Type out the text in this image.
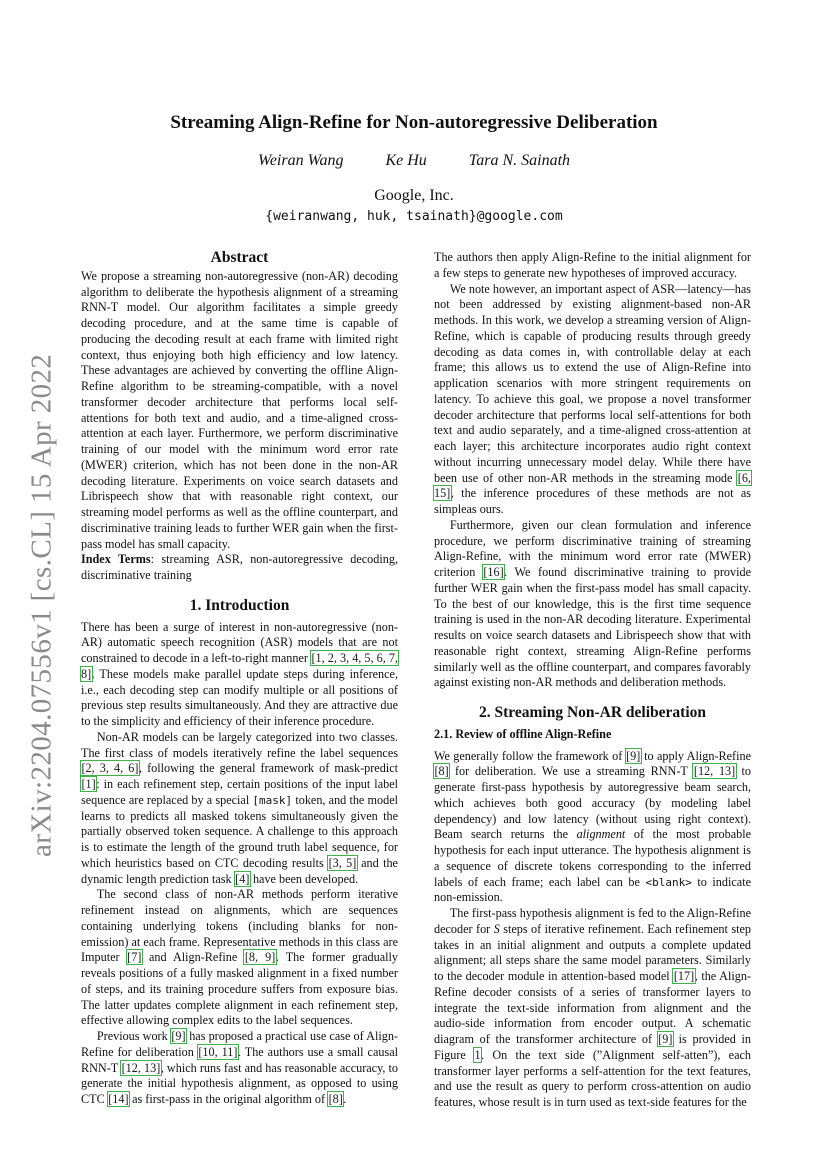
arXiv:2204.07556v1 [cs.CL] 15 Apr 2022
Streaming Align-Refine for Non-autoregressive Deliberation
Weiran Wang	Ke Hu	Tara N. Sainath
Google, Inc.
{weiranwang, huk, tsainath}@google.com
Abstract

We propose a streaming non-autoregressive (non-AR) decoding algorithm to deliberate the hypothesis alignment of a streaming RNN-T model. Our algorithm facilitates a simple greedy decoding procedure, and at the same time is capable of producing the decoding result at each frame with limited right context, thus enjoying both high efficiency and low latency. These advantages are achieved by converting the offline Align-Refine algorithm to be streaming-compatible, with a novel transformer decoder architecture that performs local self-attentions for both text and audio, and a time-aligned cross-attention at each layer. Furthermore, we perform discriminative training of our model with the minimum word error rate (MWER) criterion, which has not been done in the non-AR decoding literature. Experiments on voice search datasets and Librispeech show that with reasonable right context, our streaming model performs as well as the offline counterpart, and discriminative training leads to further WER gain when the first-pass model has small capacity.
Index Terms: streaming ASR, non-autoregressive decoding, discriminative training

1. Introduction

There has been a surge of interest in non-autoregressive (non-AR) automatic speech recognition (ASR) models that are not constrained to decode in a left-to-right manner [1, 2, 3, 4, 5, 6, 7, 8]. These models make parallel update steps during inference, i.e., each decoding step can modify multiple or all positions of previous step results simultaneously. And they are attractive due to the simplicity and efficiency of their inference procedure.

Non-AR models can be largely categorized into two classes. The first class of models iteratively refine the label sequences [2, 3, 4, 6], following the general framework of mask-predict [1]: in each refinement step, certain positions of the input label sequence are replaced by a special [mask] token, and the model learns to predicts all masked tokens simultaneously given the partially observed token sequence. A challenge to this approach is to estimate the length of the ground truth label sequence, for which heuristics based on CTC decoding results [3, 5] and the dynamic length prediction task [4] have been developed.

The second class of non-AR methods perform iterative refinement instead on alignments, which are sequences containing underlying tokens (including blanks for non-emission) at each frame. Representative methods in this class are Imputer [7] and Align-Refine [8, 9]. The former gradually reveals positions of a fully masked alignment in a fixed number of steps, and its training procedure suffers from exposure bias. The latter updates complete alignment in each refinement step, effective allowing complex edits to the label sequences.

Previous work [9] has proposed a practical use case of Align-Refine for deliberation [10, 11]. The authors use a small causal RNN-T [12, 13], which runs fast and has reasonable accuracy, to generate the initial hypothesis alignment, as opposed to using CTC [14] as first-pass in the original algorithm of [8].

The authors then apply Align-Refine to the initial alignment for a few steps to generate new hypotheses of improved accuracy.

We note however, an important aspect of ASR—latency—has not been addressed by existing alignment-based non-AR methods. In this work, we develop a streaming version of Align-Refine, which is capable of producing results through greedy decoding as data comes in, with controllable delay at each frame; this allows us to extend the use of Align-Refine into application scenarios with more stringent requirements on latency. To achieve this goal, we propose a novel transformer decoder architecture that performs local self-attentions for both text and audio separately, and a time-aligned cross-attention at each layer; this architecture incorporates audio right context without incurring unnecessary model delay. While there have been use of other non-AR methods in the streaming mode [6, 15], the inference procedures of these methods are not as simpleas ours.

Furthermore, given our clean formulation and inference procedure, we perform discriminative training of streaming Align-Refine, with the minimum word error rate (MWER) criterion [16]. We found discriminative training to provide further WER gain when the first-pass model has small capacity. To the best of our knowledge, this is the first time sequence training is used in the non-AR decoding literature. Experimental results on voice search datasets and Librispeech show that with reasonable right context, streaming Align-Refine performs similarly well as the offline counterpart, and compares favorably against existing non-AR methods and deliberation methods.

2. Streaming Non-AR deliberation
2.1. Review of offline Align-Refine

We generally follow the framework of [9] to apply Align-Refine [8] for deliberation. We use a streaming RNN-T [12, 13] to generate first-pass hypothesis by autoregressive beam search, which achieves both good accuracy (by modeling label dependency) and low latency (without using right context). Beam search returns the alignment of the most probable hypothesis for each input utterance. The hypothesis alignment is a sequence of discrete tokens corresponding to the inferred labels of each frame; each label can be <blank> to indicate non-emission.

The first-pass hypothesis alignment is fed to the Align-Refine decoder for S steps of iterative refinement. Each refinement step takes in an initial alignment and outputs a complete updated alignment; all steps share the same model parameters. Similarly to the decoder module in attention-based model [17], the Align-Refine decoder consists of a series of transformer layers to integrate the text-side information from alignment and the audio-side information from encoder output. A schematic diagram of the transformer architecture of [9] is provided in Figure 1. On the text side (”Alignment self-atten”), each transformer layer performs a self-attention for the text features, and use the result as query to perform cross-attention on audio features, whose result is in turn used as text-side features for the
